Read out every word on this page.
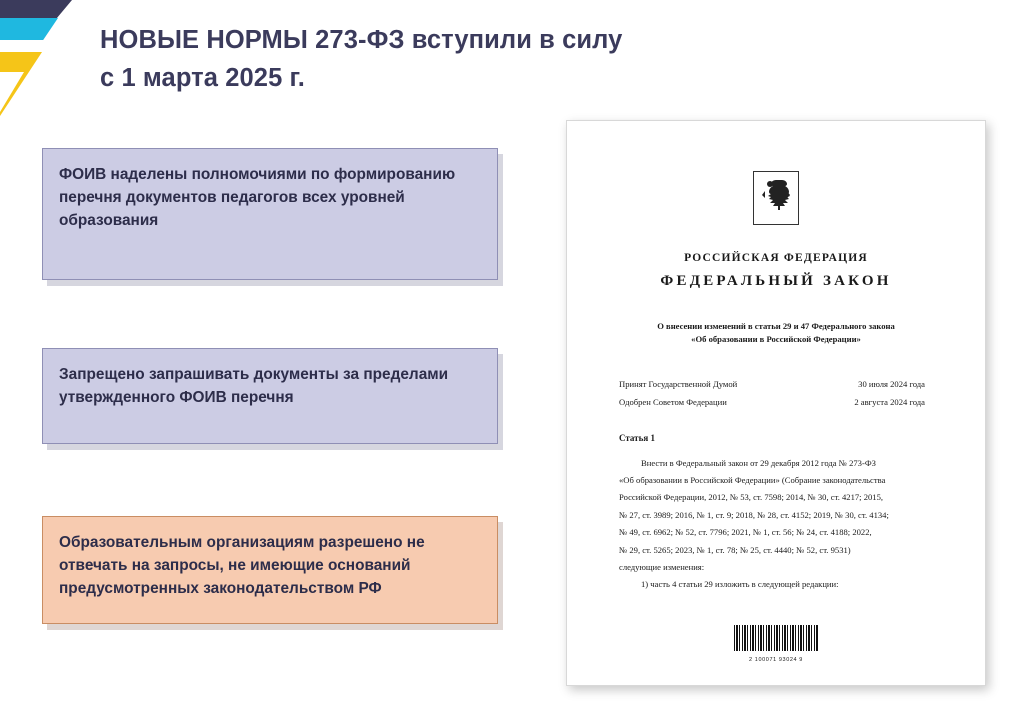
НОВЫЕ НОРМЫ 273-ФЗ вступили в силу
с 1 марта 2025 г.
ФОИВ наделены полномочиями по формированию перечня документов педагогов всех уровней образования
Запрещено запрашивать документы за пределами утвержденного ФОИВ перечня
Образовательным организациям разрешено не отвечать на запросы, не имеющие оснований предусмотренных законодательством РФ
РОССИЙСКАЯ ФЕДЕРАЦИЯ
ФЕДЕРАЛЬНЫЙ ЗАКОН
О внесении изменений в статьи 29 и 47 Федерального закона
«Об образовании в Российской Федерации»
Принят Государственной Думой	30 июля 2024 года
Одобрен Советом Федерации	2 августа 2024 года
Статья 1

Внести в Федеральный закон от 29 декабря 2012 года № 273-ФЗ

«Об образовании в Российской Федерации» (Собрание законодательства

Российской Федерации, 2012, № 53, ст. 7598; 2014, № 30, ст. 4217; 2015,

№ 27, ст. 3989; 2016, № 1, ст. 9; 2018, № 28, ст. 4152; 2019, № 30, ст. 4134;

№ 49, ст. 6962; № 52, ст. 7796; 2021, № 1, ст. 56; № 24, ст. 4188; 2022,

№ 29, ст. 5265; 2023, № 1, ст. 78; № 25, ст. 4440; № 52, ст. 9531)

следующие изменения:

1) часть 4 статьи 29 изложить в следующей редакции:

2 100071 93024 9
